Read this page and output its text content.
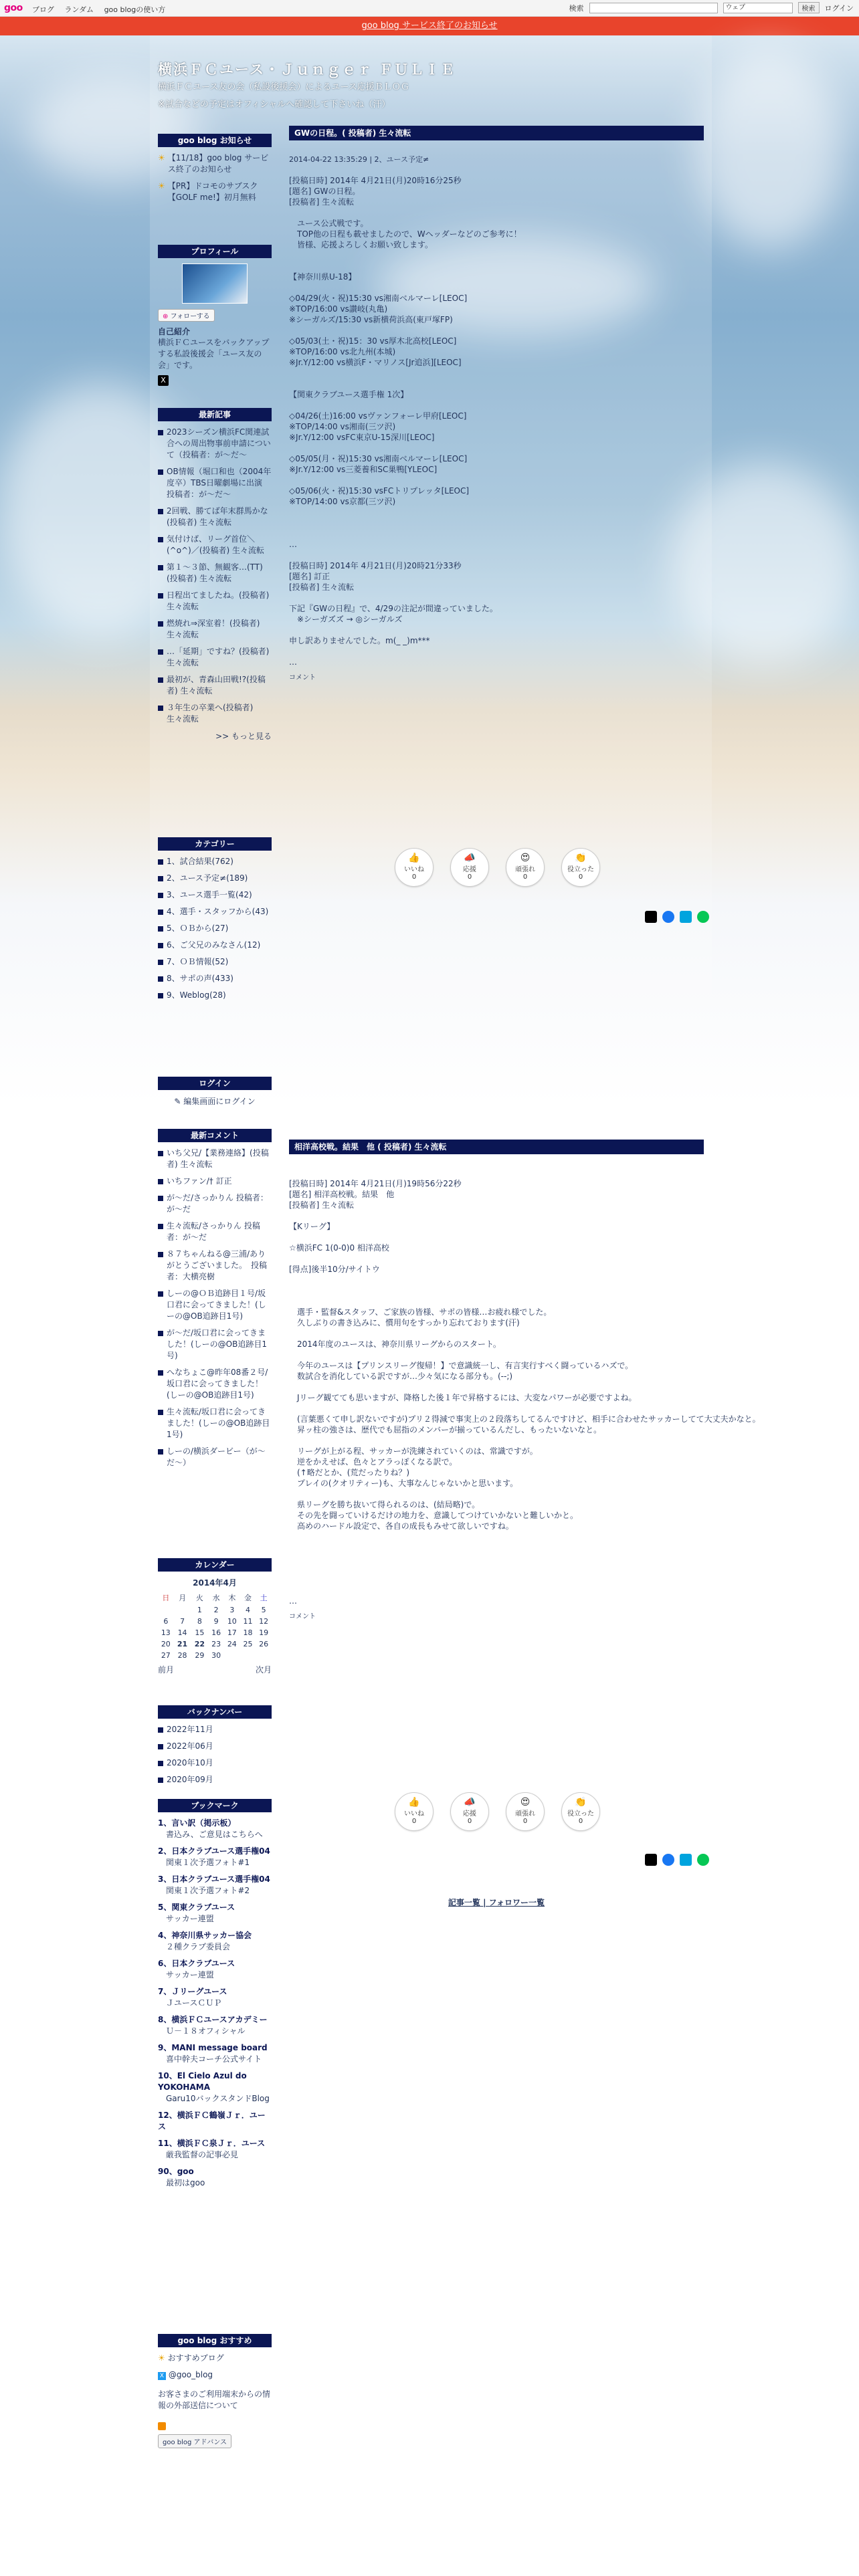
goo ブログ ランダム goo blogの使い方	検索	ウェブ	検索	ログイン
goo blog サービス終了のお知らせ
横浜ＦＣユース・Ｊｕｎｇｅｒ ＦＵＬＩＥ
横浜ＦＣユース友の会（私設後援会）によるユース応援ＢＬＯＧ
※試合などの予定はオフィシャルへ確認して下さいね（汗）
goo blog お知らせ
☀ 【11/18】goo blog サービス終了のお知らせ
☀ 【PR】ドコモのサブスク【GOLF me!】初月無料
プロフィール
⊕ フォローする
自己紹介
横浜ＦＣユースをバックアップする私設後援会「ユース友の会」です。
X
最新記事
2023シーズン横浜FC関連試合への周出物事前申請について（投稿者：が～だ～
OB情報（堀口和也（2004年度卒）TBS日曜劇場に出演　投稿者：が～だ～
2回戦、勝てば年末群馬かな(投稿者) 生々流転
気付けば、リーグ首位＼(^o^)／(投稿者) 生々流転
第１～３節、無観客…(TT)(投稿者) 生々流転
日程出てましたね。(投稿者) 生々流転
燃焼れ⇒深室着！(投稿者) 生々流転
…「延期」ですね？(投稿者) 生々流転
最初が、青森山田戦!?(投稿者) 生々流転
３年生の卒業へ(投稿者) 生々流転
>> もっと見る
カテゴリー
1、試合結果(762)
2、ユース予定≠(189)
3、ユース選手一覧(42)
4、選手・スタッフから(43)
5、ＯＢから(27)
6、ご父兄のみなさん(12)
7、ＯＢ情報(52)
8、サポの声(433)
9、Weblog(28)
ログイン
✎ 編集画面にログイン
最新コメント
いち父兄/【業務連絡】(投稿者) 生々流転
いちファン/† 訂正
が～だ/さっかりん 投稿者：が～だ
生々流転/さっかりん 投稿者：が～だ
８７ちゃんねる@三浦/ありがとうございました。　投稿者：大横亮樹
しーの@ＯＢ追跡目１号/坂口君に会ってきました！(しーの@OB追跡目1号)
が～だ/坂口君に会ってきました！(しーの@OB追跡目1号)
へなちょこ@昨年08番２号/坂口君に会ってきました！(しーの@OB追跡目1号)
生々流転/坂口君に会ってきました！(しーの@OB追跡目1号)
しーの/横浜ダービー（が～だ～）
カレンダー
2014年4月
日	月	火	水	木	金	土
		1	2	3	4	5
6	7	8	9	10	11	12
13	14	15	16	17	18	19
20	21	22	23	24	25	26
27	28	29	30			
前月	次月
バックナンバー
2022年11月
2022年06月
2020年10月
2020年09月
ブックマーク
1、言い訳（掲示板）
書込み、ご意見はこちらへ
2、日本クラブユース選手権04
関東１次予選フォト#1
3、日本クラブユース選手権04
関東１次予選フォト#2
5、関東クラブユース
サッカー連盟
4、神奈川県サッカー協会
２種クラブ委員会
6、日本クラブユース
サッカー連盟
7、Ｊリーグユース
ＪユースＣＵＰ
8、横浜ＦＣユースアカデミー
Ｕ－１８オフィシャル
9、MANI message board
喜中幹夫コーチ公式サイト
10、El Cielo Azul do YOKOHAMA
Garu10バックスタンドBlog
12、横浜ＦＣ鶴嶺Ｊｒ．ユース
11、横浜ＦＣ泉Ｊｒ．ユース
厳我監督の記事必見
90、goo
最初はgoo
goo blog おすすめ
☀ おすすめブログ
X @goo_blog
お客さまのご利用端末からの情報の外部送信について
goo blog アドバンス
GWの日程。( 投稿者) 生々流転
2014-04-22 13:35:29 | 2、ユース予定≠

[投稿日時] 2014年 4月21日(月)20時16分25秒

[題名] GWの日程。

[投稿者] 生々流転

　ユース公式戦です。

　TOP他の日程も載せましたので、Wヘッダーなどのご参考に！

　皆様、応援よろしくお願い致します。

【神奈川県U-18】

◇04/29(火・祝)15:30 vs湘南ベルマーレ[LEOC]

※TOP/16:00 vs讃岐(丸亀)

※シーガルズ/15:30 vs新横荷浜高(東戸塚FP)

◇05/03(土・祝)15：30 vs厚木北高校[LEOC]

※TOP/16:00 vs北九州(本城)

※Jr.Y/12:00 vs横浜F・マリノス[Jr追浜][LEOC]

【関東クラブユース選手権 1次】

◇04/26(土)16:00 vsヴァンフォーレ甲府[LEOC]

※TOP/14:00 vs湘南(三ツ沢)

※Jr.Y/12:00 vsFC東京U-15深川[LEOC]

◇05/05(月・祝)15:30 vs湘南ベルマーレ[LEOC]

※Jr.Y/12:00 vs三菱養和SC巣鴨[YLEOC]

◇05/06(火・祝)15:30 vsFCトリプレッタ[LEOC]

※TOP/14:00 vs京都(三ツ沢)

…

[投稿日時] 2014年 4月21日(月)20時21分33秒

[題名] 訂正

[投稿者] 生々流転

下記『GWの日程』で、4/29の注記が間違っていました。

　※シーガズズ → ◎シーガルズ

申し訳ありませんでした。m(_ _)m***

…

コメント
👍
いいね
0
📣
応援
0
😍
頑張れ
0
👏
役立った
0
相洋高校戦。結果　他 ( 投稿者) 生々流転

[投稿日時] 2014年 4月21日(月)19時56分22秒

[題名] 相洋高校戦。結果　他

[投稿者] 生々流転

【Kリーグ】

☆横浜FC 1(0-0)0 相洋高校

[得点]後半10分/サイトウ

　選手・監督&スタッフ、ご家族の皆様、サポの皆様…お疲れ様でした。

　久しぶりの書き込みに、慣用句をすっかり忘れております(汗)

　2014年度のユースは、神奈川県リーグからのスタート。

　今年のユースは【プリンスリーグ復帰！】で意識統一し、有言実行すべく闘っているハズで。

　数試合を消化している訳ですが…少々気になる部分も。(--;)

　Jリーグ観てても思いますが、降格した後１年で昇格するには、大変なパワーが必要ですよね。

　(言葉悪くて申し訳ないですが)プリ２得減で事実上の２段落ちしてるんですけど、相手に合わせたサッカーしてて大丈夫かなと。

　昇ッ柱の強さは、歴代でも屈指のメンバーが揃っているんだし、もったいないなと。

　リーグが上がる程、サッカーが洗練されていくのは、常識ですが。

　逆をかえせば、色々とアラっぽくなる訳で。

　(↑略だとか、(荒だったりね？)

　プレイの(クオリティー)も、大事なんじゃないかと思います。

　県リーグを勝ち抜いて得られるのは、(結局略)で。

　その先を闘っていけるだけの地力を、意識してつけていかないと難しいかと。

　高めのハードル設定で、各自の成長もみせて欲しいですね。

…

コメント
👍
いいね
0
📣
応援
0
😍
頑張れ
0
👏
役立った
0
記事一覧 | フォロワー一覧
